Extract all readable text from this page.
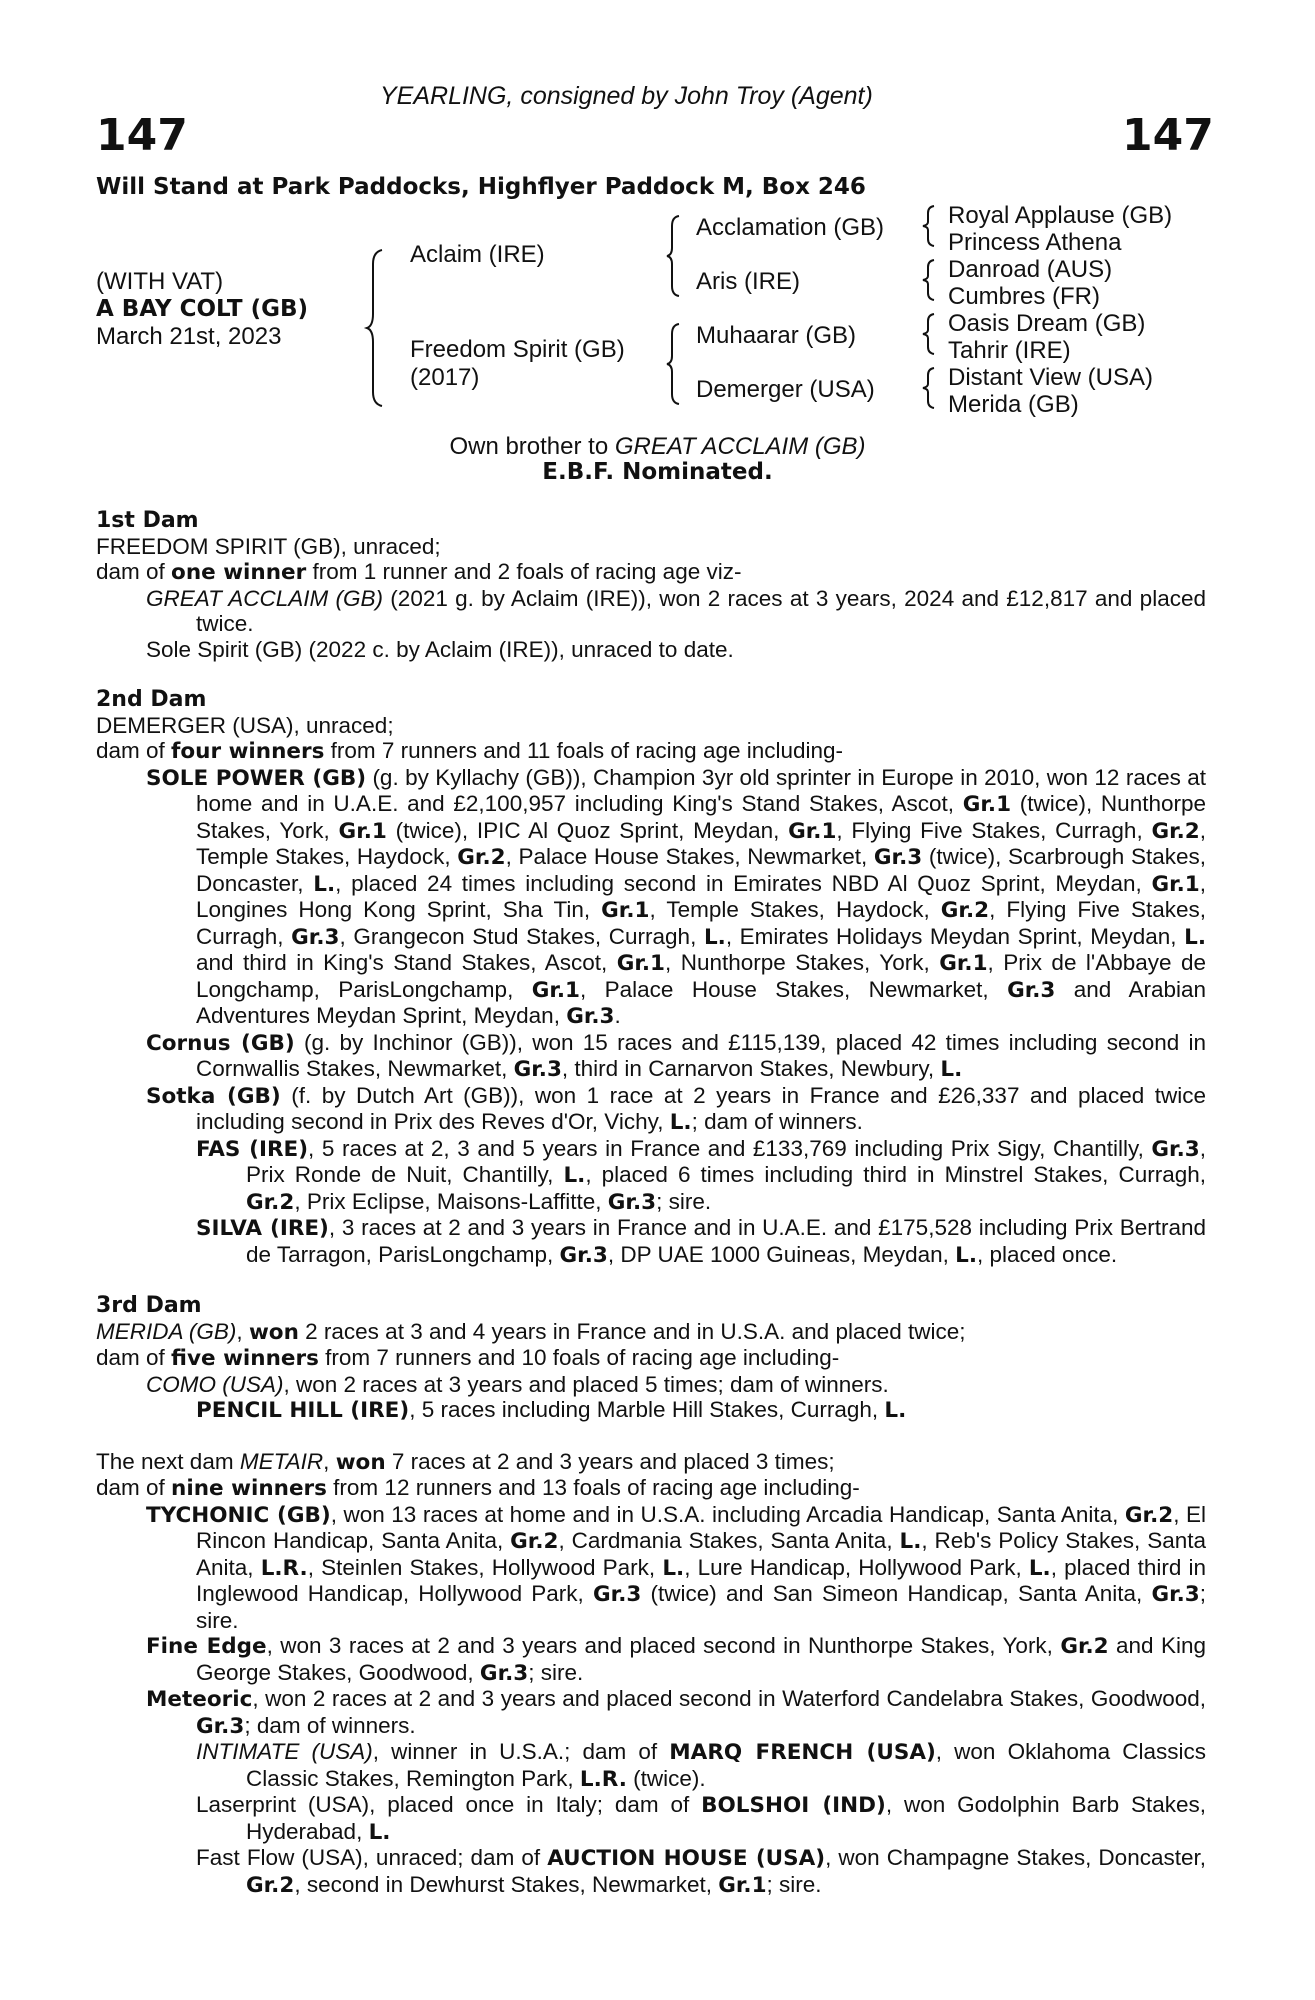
YEARLING, consigned by John Troy (Agent)
147	147
Will Stand at Park Paddocks, Highflyer Paddock M, Box 246
(WITH VAT)
A BAY COLT (GB)
March 21st, 2023
Aclaim (IRE)
Freedom Spirit (GB)
(2017)
Acclamation (GB)
Aris (IRE)
Muhaarar (GB)
Demerger (USA)
Royal Applause (GB)
Princess Athena
Danroad (AUS)
Cumbres (FR)
Oasis Dream (GB)
Tahrir (IRE)
Distant View (USA)
Merida (GB)
Own brother to GREAT ACCLAIM (GB)
E.B.F. Nominated.
1st Dam

FREEDOM SPIRIT (GB), unraced;

dam of one winner from 1 runner and 2 foals of racing age viz-

GREAT ACCLAIM (GB) (2021 g. by Aclaim (IRE)), won 2 races at 3 years, 2024 and £12,817 and placed twice.

Sole Spirit (GB) (2022 c. by Aclaim (IRE)), unraced to date.

2nd Dam

DEMERGER (USA), unraced;

dam of four winners from 7 runners and 11 foals of racing age including-

SOLE POWER (GB) (g. by Kyllachy (GB)), Champion 3yr old sprinter in Europe in 2010, won 12 races at home and in U.A.E. and £2,100,957 including King's Stand Stakes, Ascot, Gr.1 (twice), Nunthorpe Stakes, York, Gr.1 (twice), IPIC Al Quoz Sprint, Meydan, Gr.1, Flying Five Stakes, Curragh, Gr.2, Temple Stakes, Haydock, Gr.2, Palace House Stakes, Newmarket, Gr.3 (twice), Scarbrough Stakes, Doncaster, L., placed 24 times including second in Emirates NBD Al Quoz Sprint, Meydan, Gr.1, Longines Hong Kong Sprint, Sha Tin, Gr.1, Temple Stakes, Haydock, Gr.2, Flying Five Stakes, Curragh, Gr.3, Grangecon Stud Stakes, Curragh, L., Emirates Holidays Meydan Sprint, Meydan, L. and third in King's Stand Stakes, Ascot, Gr.1, Nunthorpe Stakes, York, Gr.1, Prix de l'Abbaye de Longchamp, ParisLongchamp, Gr.1, Palace House Stakes, Newmarket, Gr.3 and Arabian Adventures Meydan Sprint, Meydan, Gr.3.

Cornus (GB) (g. by Inchinor (GB)), won 15 races and £115,139, placed 42 times including second in Cornwallis Stakes, Newmarket, Gr.3, third in Carnarvon Stakes, Newbury, L.

Sotka (GB) (f. by Dutch Art (GB)), won 1 race at 2 years in France and £26,337 and placed twice including second in Prix des Reves d'Or, Vichy, L.; dam of winners.

FAS (IRE), 5 races at 2, 3 and 5 years in France and £133,769 including Prix Sigy, Chantilly, Gr.3, Prix Ronde de Nuit, Chantilly, L., placed 6 times including third in Minstrel Stakes, Curragh, Gr.2, Prix Eclipse, Maisons-Laffitte, Gr.3; sire.

SILVA (IRE), 3 races at 2 and 3 years in France and in U.A.E. and £175,528 including Prix Bertrand de Tarragon, ParisLongchamp, Gr.3, DP UAE 1000 Guineas, Meydan, L., placed once.

3rd Dam

MERIDA (GB), won 2 races at 3 and 4 years in France and in U.S.A. and placed twice;

dam of five winners from 7 runners and 10 foals of racing age including-

COMO (USA), won 2 races at 3 years and placed 5 times; dam of winners.

PENCIL HILL (IRE), 5 races including Marble Hill Stakes, Curragh, L.

The next dam METAIR, won 7 races at 2 and 3 years and placed 3 times;

dam of nine winners from 12 runners and 13 foals of racing age including-

TYCHONIC (GB), won 13 races at home and in U.S.A. including Arcadia Handicap, Santa Anita, Gr.2, El Rincon Handicap, Santa Anita, Gr.2, Cardmania Stakes, Santa Anita, L., Reb's Policy Stakes, Santa Anita, L.R., Steinlen Stakes, Hollywood Park, L., Lure Handicap, Hollywood Park, L., placed third in Inglewood Handicap, Hollywood Park, Gr.3 (twice) and San Simeon Handicap, Santa Anita, Gr.3; sire.

Fine Edge, won 3 races at 2 and 3 years and placed second in Nunthorpe Stakes, York, Gr.2 and King George Stakes, Goodwood, Gr.3; sire.

Meteoric, won 2 races at 2 and 3 years and placed second in Waterford Candelabra Stakes, Goodwood, Gr.3; dam of winners.

INTIMATE (USA), winner in U.S.A.; dam of MARQ FRENCH (USA), won Oklahoma Classics Classic Stakes, Remington Park, L.R. (twice).

Laserprint (USA), placed once in Italy; dam of BOLSHOI (IND), won Godolphin Barb Stakes, Hyderabad, L.

Fast Flow (USA), unraced; dam of AUCTION HOUSE (USA), won Champagne Stakes, Doncaster, Gr.2, second in Dewhurst Stakes, Newmarket, Gr.1; sire.
